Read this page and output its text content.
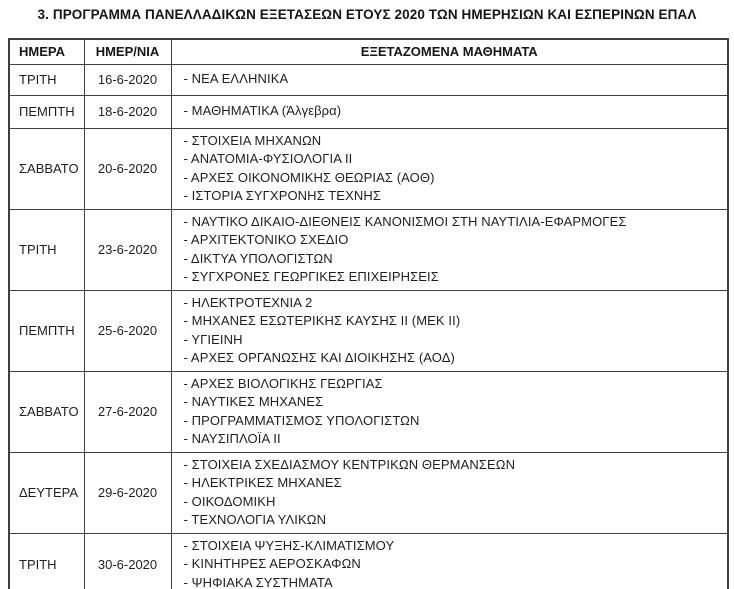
3. ΠΡΟΓΡΑΜΜΑ ΠΑΝΕΛΛΑΔΙΚΩΝ ΕΞΕΤΑΣΕΩΝ ΕΤΟΥΣ 2020 ΤΩΝ ΗΜΕΡΗΣΙΩΝ ΚΑΙ ΕΣΠΕΡΙΝΩΝ ΕΠΑΛ
ΗΜΕΡΑ	ΗΜΕΡ/ΝΙΑ	ΕΞΕΤΑΖΟΜΕΝΑ ΜΑΘΗΜΑΤΑ
ΤΡΙΤΗ	16-6-2020	- ΝΕΑ ΕΛΛΗΝΙΚΑ

ΠΕΜΠΤΗ	18-6-2020	- ΜΑΘΗΜΑΤΙΚΑ (Άλγεβρα)

ΣΑΒΒΑΤΟ	20-6-2020	- ΣΤΟΙΧΕΙΑ ΜΗΧΑΝΩΝ
- ΑΝΑΤΟΜΙΑ-ΦΥΣΙΟΛΟΓΙΑ II
- ΑΡΧΕΣ ΟΙΚΟΝΟΜΙΚΗΣ ΘΕΩΡΙΑΣ (ΑΟΘ)
- ΙΣΤΟΡΙΑ ΣΥΓΧΡΟΝΗΣ ΤΕΧΝΗΣ

ΤΡΙΤΗ	23-6-2020	- ΝΑΥΤΙΚΟ ΔΙΚΑΙΟ-ΔΙΕΘΝΕΙΣ ΚΑΝΟΝΙΣΜΟΙ ΣΤΗ ΝΑΥΤΙΛΙΑ-ΕΦΑΡΜΟΓΕΣ
- ΑΡΧΙΤΕΚΤΟΝΙΚΟ ΣΧΕΔΙΟ
- ΔΙΚΤΥΑ ΥΠΟΛΟΓΙΣΤΩΝ
- ΣΥΓΧΡΟΝΕΣ ΓΕΩΡΓΙΚΕΣ ΕΠΙΧΕΙΡΗΣΕΙΣ

ΠΕΜΠΤΗ	25-6-2020	- ΗΛΕΚΤΡΟΤΕΧΝΙΑ 2
- ΜΗΧΑΝΕΣ ΕΣΩΤΕΡΙΚΗΣ ΚΑΥΣΗΣ II (ΜΕΚ II)
- ΥΓΙΕΙΝΗ
- ΑΡΧΕΣ ΟΡΓΑΝΩΣΗΣ ΚΑΙ ΔΙΟΙΚΗΣΗΣ (ΑΟΔ)

ΣΑΒΒΑΤΟ	27-6-2020	- ΑΡΧΕΣ ΒΙΟΛΟΓΙΚΗΣ ΓΕΩΡΓΙΑΣ
- ΝΑΥΤΙΚΕΣ ΜΗΧΑΝΕΣ
- ΠΡΟΓΡΑΜΜΑΤΙΣΜΟΣ ΥΠΟΛΟΓΙΣΤΩΝ
- ΝΑΥΣΙΠΛΟΪΑ II

ΔΕΥΤΕΡΑ	29-6-2020	- ΣΤΟΙΧΕΙΑ ΣΧΕΔΙΑΣΜΟΥ ΚΕΝΤΡΙΚΩΝ ΘΕΡΜΑΝΣΕΩΝ
- ΗΛΕΚΤΡΙΚΕΣ ΜΗΧΑΝΕΣ
- ΟΙΚΟΔΟΜΙΚΗ
- ΤΕΧΝΟΛΟΓΙΑ ΥΛΙΚΩΝ

ΤΡΙΤΗ	30-6-2020	- ΣΤΟΙΧΕΙΑ ΨΥΞΗΣ-ΚΛΙΜΑΤΙΣΜΟΥ
- ΚΙΝΗΤΗΡΕΣ ΑΕΡΟΣΚΑΦΩΝ
- ΨΗΦΙΑΚΑ ΣΥΣΤΗΜΑΤΑ
